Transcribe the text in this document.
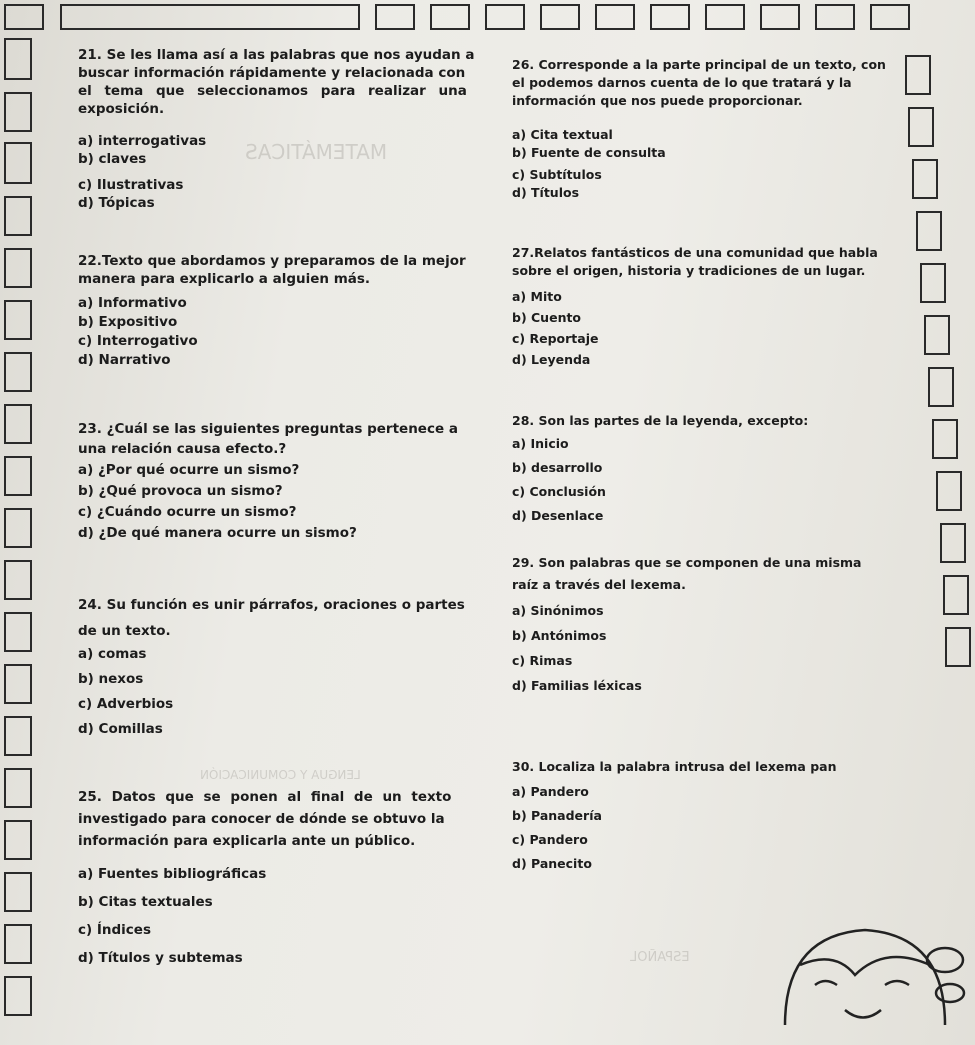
MATEMÁTICAS
LENGUA Y COMUNICACIÓN
ESPAÑOL
21. Se les llama así a las palabras que nos ayudan a
buscar información rápidamente y relacionada con
el tema que seleccionamos para realizar una
exposición.
a) interrogativas
b) claves
c) Ilustrativas
d) Tópicas
22.Texto que abordamos y preparamos de la mejor
manera para explicarlo a alguien más.
a) Informativo
b) Expositivo
c) Interrogativo
d) Narrativo
23. ¿Cuál se las siguientes preguntas pertenece a
una relación causa efecto.?
a) ¿Por qué ocurre un sismo?
b) ¿Qué provoca un sismo?
c) ¿Cuándo ocurre un sismo?
d) ¿De qué manera ocurre un sismo?
24. Su función es unir párrafos, oraciones o partes
de un texto.
a) comas
b) nexos
c) Adverbios
d) Comillas
25. Datos que se ponen al final de un texto
investigado para conocer de dónde se obtuvo la
información para explicarla ante un público.
a) Fuentes bibliográficas
b) Citas textuales
c) Índices
d) Títulos y subtemas
26. Corresponde a la parte principal de un texto, con
el podemos darnos cuenta de lo que tratará y la
información que nos puede proporcionar.
a) Cita textual
b) Fuente de consulta
c) Subtítulos
d) Títulos
27.Relatos fantásticos de una comunidad que habla
sobre el origen, historia y tradiciones de un lugar.
a) Mito
b) Cuento
c) Reportaje
d) Leyenda
28. Son las partes de la leyenda, excepto:
a) Inicio
b) desarrollo
c) Conclusión
d) Desenlace
29. Son palabras que se componen de una misma
raíz a través del lexema.
a) Sinónimos
b) Antónimos
c) Rimas
d) Familias léxicas
30. Localiza la palabra intrusa del lexema pan
a) Pandero
b) Panadería
c) Pandero
d) Panecito
